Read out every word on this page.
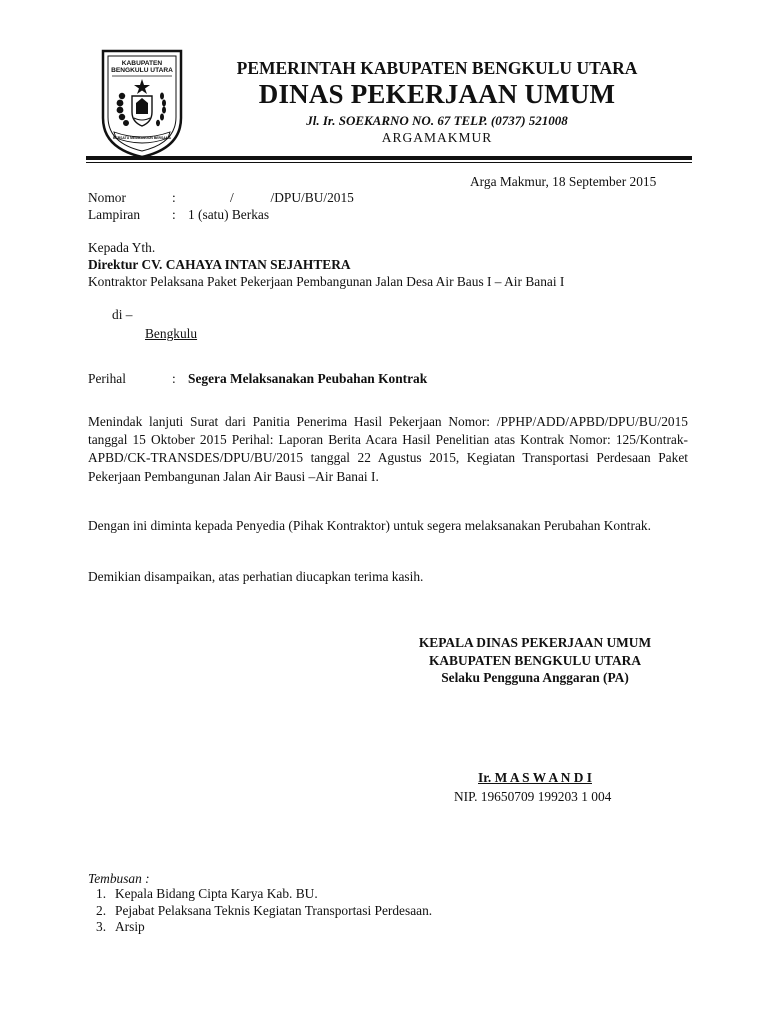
KABUPATEN
BENGKULU UTARA
BERSATU MEMBANGUN BERSAMA
PEMERINTAH KABUPATEN BENGKULU UTARA
DINAS PEKERJAAN UMUM
Jl. Ir. SOEKARNO NO. 67 TELP. (0737) 521008
ARGAMAKMUR
Arga Makmur, 18 September 2015
Nomor	:	/           /DPU/BU/2015
Lampiran : 1 (satu) Berkas
Kepada Yth.
Direktur CV. CAHAYA INTAN SEJAHTERA
Kontraktor Pelaksana Paket Pekerjaan Pembangunan Jalan Desa Air Baus I – Air Banai I
di –
Bengkulu
Perihal	: Segera Melaksanakan Peubahan Kontrak
Menindak lanjuti Surat dari Panitia Penerima Hasil Pekerjaan Nomor: /PPHP/ADD/APBD/DPU/BU/2015 tanggal 15 Oktober 2015 Perihal: Laporan Berita Acara Hasil Penelitian atas Kontrak Nomor: 125/Kontrak-APBD/CK-TRANSDES/DPU/BU/2015 tanggal 22 Agustus 2015, Kegiatan Transportasi Perdesaan Paket Pekerjaan Pembangunan Jalan Air Bausi –Air Banai I.
Dengan ini diminta kepada Penyedia (Pihak Kontraktor) untuk segera melaksanakan Perubahan Kontrak.
Demikian disampaikan, atas perhatian diucapkan terima kasih.
KEPALA DINAS PEKERJAAN UMUM
KABUPATEN BENGKULU UTARA
Selaku Pengguna Anggaran (PA)
Ir. M A S W A N D I
NIP. 19650709 199203 1 004
Tembusan :
1. Kepala Bidang Cipta Karya Kab. BU.
2. Pejabat Pelaksana Teknis Kegiatan Transportasi Perdesaan.
3. Arsip
